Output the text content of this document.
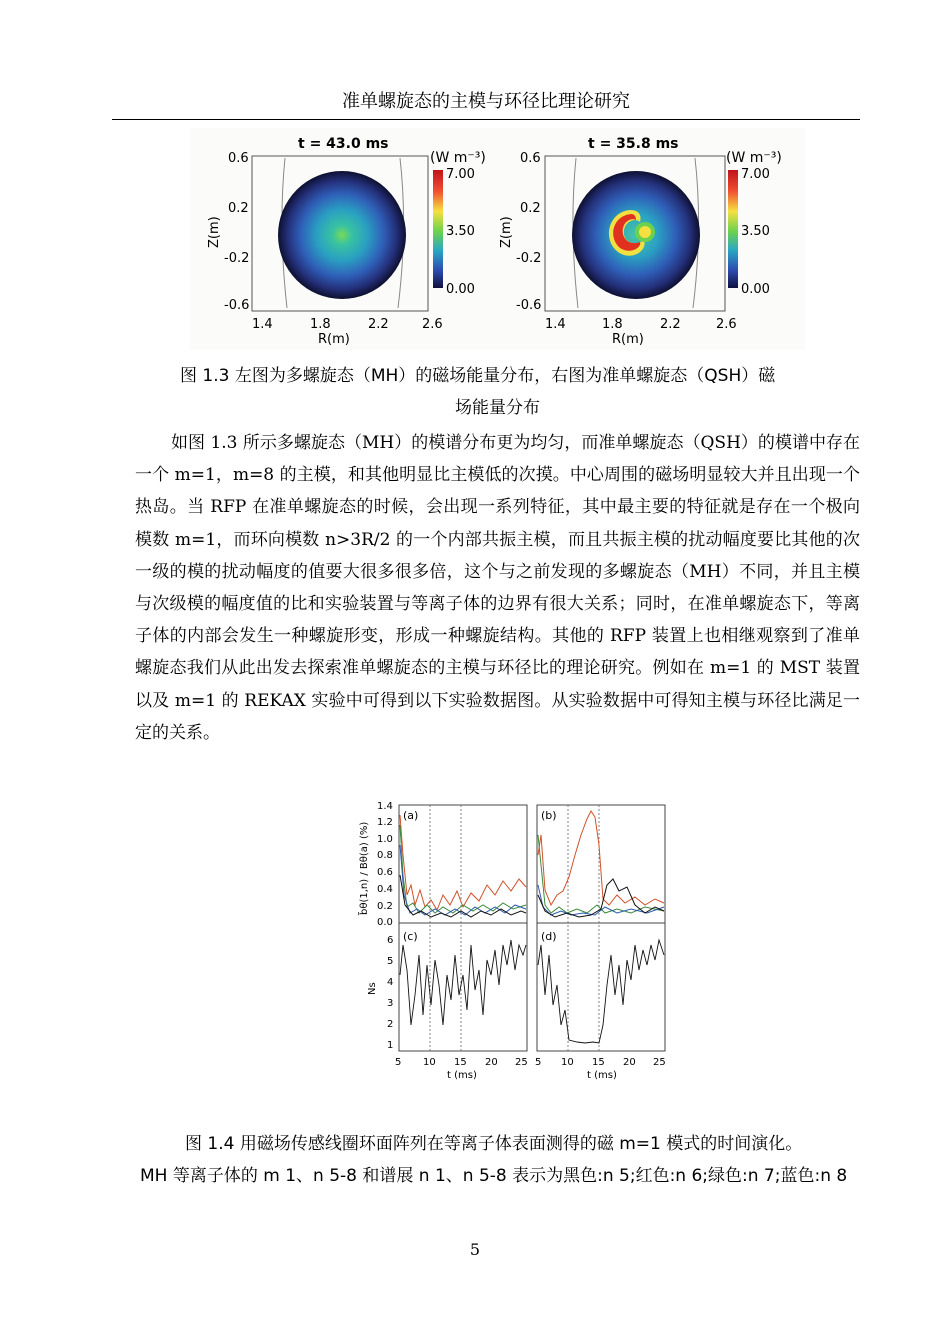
准单螺旋态的主模与环径比理论研究
t = 43.0 ms
0.6
0.2
-0.2
-0.6
Z(m)
1.4	1.8	2.2	2.6
R(m)
(W m⁻³)
7.00
3.50
0.00
t = 35.8 ms
0.6
0.2
-0.2
-0.6
Z(m)
1.4	1.8	2.2	2.6
R(m)
(W m⁻³)
7.00
3.50
0.00
图 1.3 左图为多螺旋态（MH）的磁场能量分布，右图为准单螺旋态（QSH）磁
场能量分布

如图 1.3 所示多螺旋态（MH）的模谱分布更为均匀，而准单螺旋态（QSH）的模谱中存在一个 m=1，m=8 的主模，和其他明显比主模低的次摸。中心周围的磁场明显较大并且出现一个热岛。当 RFP 在准单螺旋态的时候，会出现一系列特征，其中最主要的特征就是存在一个极向模数 m=1，而环向模数 n>3R/2 的一个内部共振主模，而且共振主模的扰动幅度要比其他的次一级的模的扰动幅度的值要大很多很多倍，这个与之前发现的多螺旋态（MH）不同，并且主模与次级模的幅度值的比和实验装置与等离子体的边界有很大关系；同时，在准单螺旋态下，等离子体的内部会发生一种螺旋形变，形成一种螺旋结构。其他的 RFP 装置上也相继观察到了准单螺旋态我们从此出发去探索准单螺旋态的主模与环径比的理论研究。例如在 m=1 的 MST 装置以及 m=1 的 REKAX 实验中可得到以下实验数据图。从实验数据中可得知主模与环径比满足一定的关系。

(a)	(b)
(c)	(d)
0.0
0.2
0.4
0.6
0.8
1.0
1.2
1.4
b̃θ(1,n) / Bθ(a) (%)
1
2
3
4
5
6
Ns
5 10 15 20 25 5 10 15 20 25
t (ms)	t (ms)
图 1.4 用磁场传感线圈环面阵列在等离子体表面测得的磁 m=1 模式的时间演化。
MH 等离子体的 m 1、n 5-8 和谱展 n 1、n 5-8 表示为黑色:n 5;红色:n 6;绿色:n 7;蓝色:n 8
5
